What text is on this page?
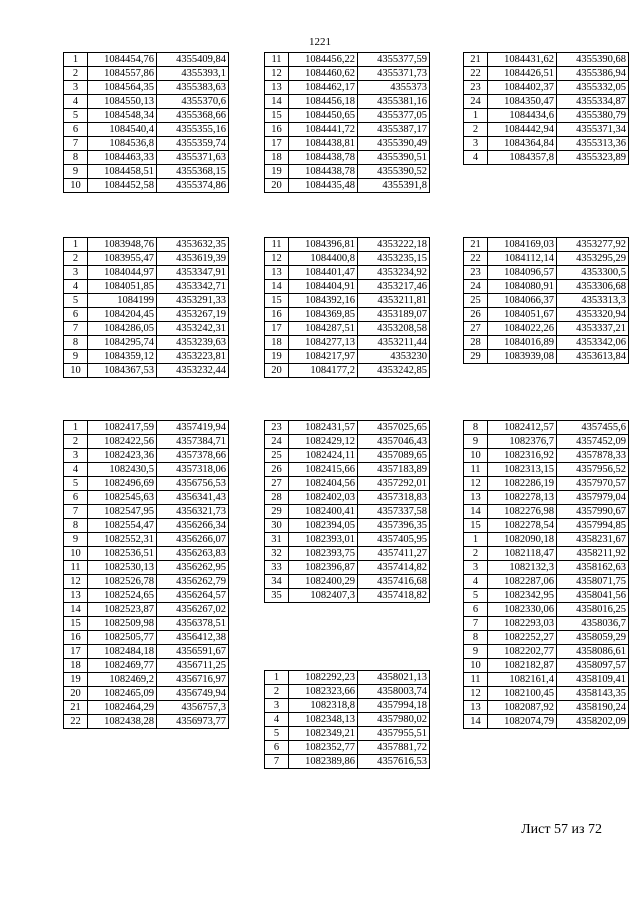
1221
1	1084454,76	4355409,84
2	1084557,86	4355393,1
3	1084564,35	4355383,63
4	1084550,13	4355370,6
5	1084548,34	4355368,66
6	1084540,4	4355355,16
7	1084536,8	4355359,74
8	1084463,33	4355371,63
9	1084458,51	4355368,15
10	1084452,58	4355374,86
11	1084456,22	4355377,59
12	1084460,62	4355371,73
13	1084462,17	4355373
14	1084456,18	4355381,16
15	1084450,65	4355377,05
16	1084441,72	4355387,17
17	1084438,81	4355390,49
18	1084438,78	4355390,51
19	1084438,78	4355390,52
20	1084435,48	4355391,8
21	1084431,62	4355390,68
22	1084426,51	4355386,94
23	1084402,37	4355332,05
24	1084350,47	4355334,87
1	1084434,6	4355380,79
2	1084442,94	4355371,34
3	1084364,84	4355313,36
4	1084357,8	4355323,89
1	1083948,76	4353632,35
2	1083955,47	4353619,39
3	1084044,97	4353347,91
4	1084051,85	4353342,71
5	1084199	4353291,33
6	1084204,45	4353267,19
7	1084286,05	4353242,31
8	1084295,74	4353239,63
9	1084359,12	4353223,81
10	1084367,53	4353232,44
11	1084396,81	4353222,18
12	1084400,8	4353235,15
13	1084401,47	4353234,92
14	1084404,91	4353217,46
15	1084392,16	4353211,81
16	1084369,85	4353189,07
17	1084287,51	4353208,58
18	1084277,13	4353211,44
19	1084217,97	4353230
20	1084177,2	4353242,85
21	1084169,03	4353277,92
22	1084112,14	4353295,29
23	1084096,57	4353300,5
24	1084080,91	4353306,68
25	1084066,37	4353313,3
26	1084051,67	4353320,94
27	1084022,26	4353337,21
28	1084016,89	4353342,06
29	1083939,08	4353613,84
1	1082417,59	4357419,94
2	1082422,56	4357384,71
3	1082423,36	4357378,66
4	1082430,5	4357318,06
5	1082496,69	4356756,53
6	1082545,63	4356341,43
7	1082547,95	4356321,73
8	1082554,47	4356266,34
9	1082552,31	4356266,07
10	1082536,51	4356263,83
11	1082530,13	4356262,95
12	1082526,78	4356262,79
13	1082524,65	4356264,57
14	1082523,87	4356267,02
15	1082509,98	4356378,51
16	1082505,77	4356412,38
17	1082484,18	4356591,67
18	1082469,77	4356711,25
19	1082469,2	4356716,97
20	1082465,09	4356749,94
21	1082464,29	4356757,3
22	1082438,28	4356973,77
23	1082431,57	4357025,65
24	1082429,12	4357046,43
25	1082424,11	4357089,65
26	1082415,66	4357183,89
27	1082404,56	4357292,01
28	1082402,03	4357318,83
29	1082400,41	4357337,58
30	1082394,05	4357396,35
31	1082393,01	4357405,95
32	1082393,75	4357411,27
33	1082396,87	4357414,82
34	1082400,29	4357416,68
35	1082407,3	4357418,82
1	1082292,23	4358021,13
2	1082323,66	4358003,74
3	1082318,8	4357994,18
4	1082348,13	4357980,02
5	1082349,21	4357955,51
6	1082352,77	4357881,72
7	1082389,86	4357616,53
8	1082412,57	4357455,6
9	1082376,7	4357452,09
10	1082316,92	4357878,33
11	1082313,15	4357956,52
12	1082286,19	4357970,57
13	1082278,13	4357979,04
14	1082276,98	4357990,67
15	1082278,54	4357994,85
1	1082090,18	4358231,67
2	1082118,47	4358211,92
3	1082132,3	4358162,63
4	1082287,06	4358071,75
5	1082342,95	4358041,56
6	1082330,06	4358016,25
7	1082293,03	4358036,7
8	1082252,27	4358059,29
9	1082202,77	4358086,61
10	1082182,87	4358097,57
11	1082161,4	4358109,41
12	1082100,45	4358143,35
13	1082087,92	4358190,24
14	1082074,79	4358202,09
Лист 57 из 72
